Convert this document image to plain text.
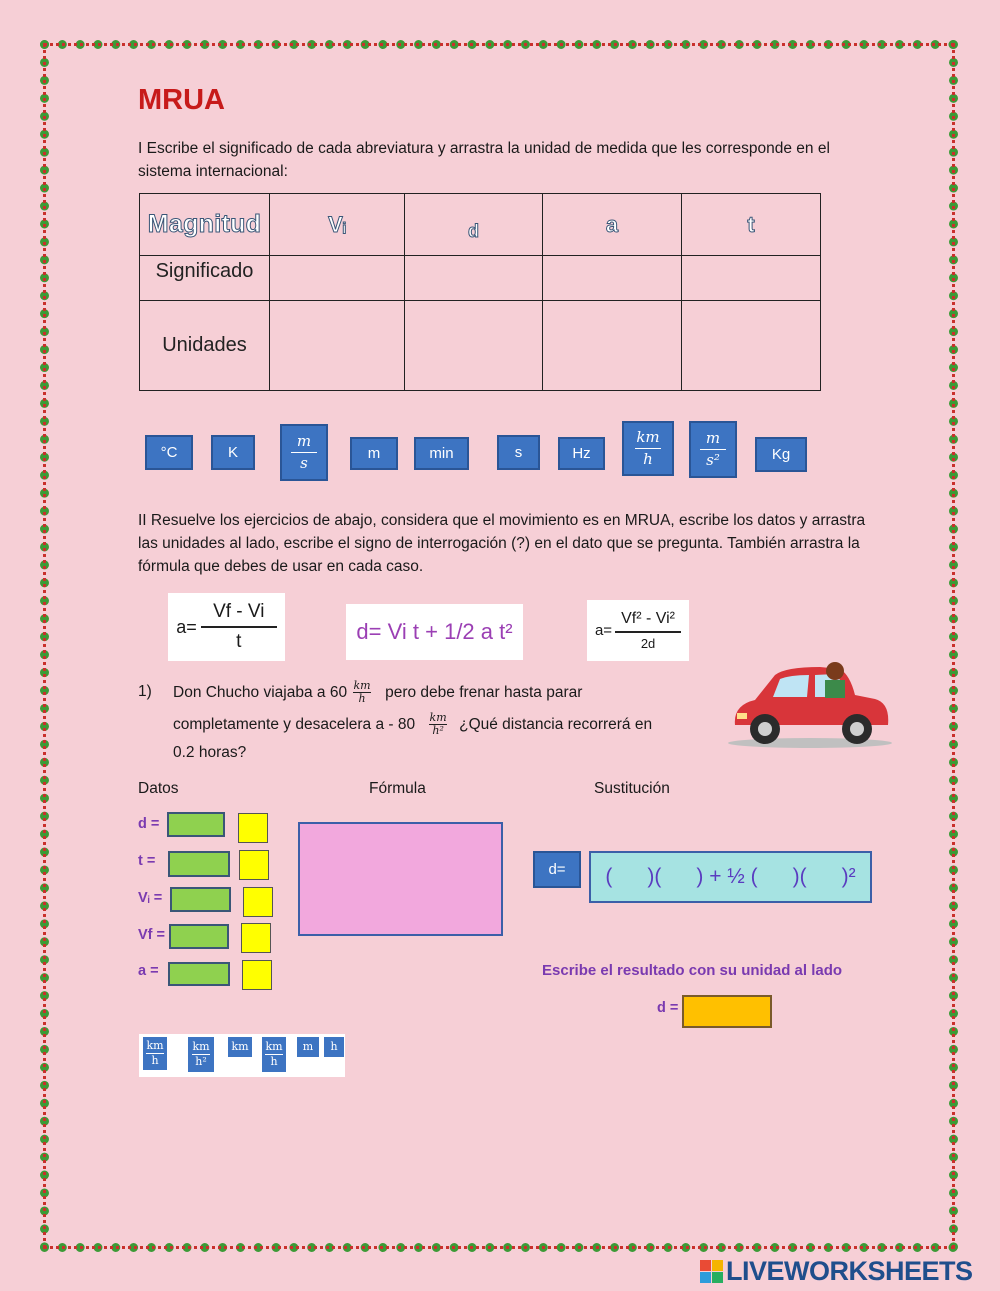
MRUA
I Escribe el significado de cada abreviatura y arrastra la unidad de medida que les corresponde en el sistema internacional:
Magnitud	Vᵢ	d	a	t
Significado				
Unidades				
°C	K	$\frac{m}{s}$	m	min	s	Hz	$\frac{km}{h}$	$\frac{m}{\text{s²}}$	Kg
II Resuelve los ejercicios de abajo, considera que el movimiento es en MRUA, escribe los datos y arrastra las unidades al lado, escribe el signo de interrogación (?) en el dato que se pregunta. También arrastra la fórmula que debes de usar en cada caso.
a=
Vf - Vi
t	d= Vi t + 1/2 a t²	a=
Vf² - Vi²
2d
1) Don Chucho viajaba a 60 km
h pero debe frenar hasta parar
completamente y desacelera a - 80 km
h² ¿Qué distancia recorrerá en
0.2 horas?
Datos	Fórmula	Sustitución
d =
t =
Vᵢ =
Vf =
a =
d=	(      )(      ) + ½ (      )(      )²
Escribe el resultado con su unidad al lado
d =
km
h
km
h²
km	km
h
m	h
LIVEWORKSHEETS
